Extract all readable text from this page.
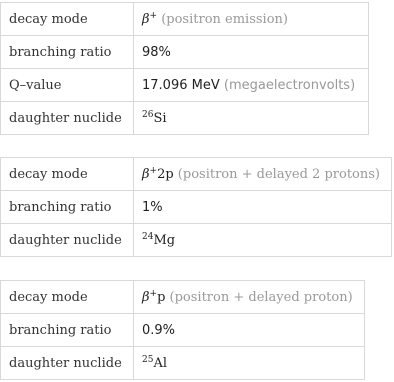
decay mode	β+ (positron emission)
branching ratio	98%
Q–value	17.096 MeV (megaelectronvolts)
daughter nuclide	$^{26}$Si
decay mode	β+2p (positron + delayed 2 protons)
branching ratio	1%
daughter nuclide	$^{24}$Mg
decay mode	β+p (positron + delayed proton)
branching ratio	0.9%
daughter nuclide	$^{25}$Al
